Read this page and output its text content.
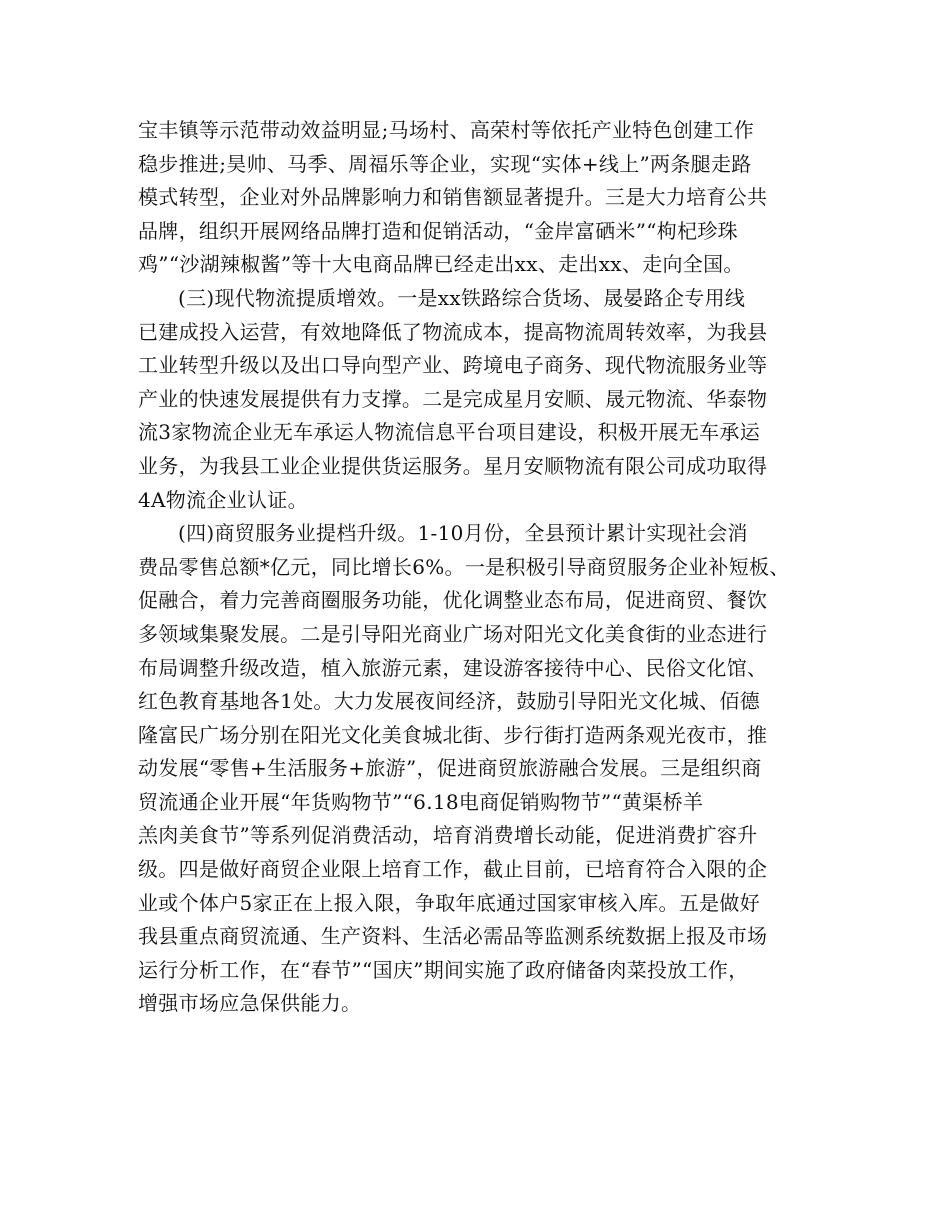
宝丰镇等示范带动效益明显;马场村、高荣村等依托产业特色创建工作
稳步推进;昊帅、马季、周福乐等企业，实现“实体+线上”两条腿走路
模式转型，企业对外品牌影响力和销售额显著提升。三是大力培育公共
品牌，组织开展网络品牌打造和促销活动，“金岸富硒米”“枸杞珍珠
鸡”“沙湖辣椒酱”等十大电商品牌已经走出xx、走出xx、走向全国。
(三)现代物流提质增效。一是xx铁路综合货场、晟晏路企专用线
已建成投入运营，有效地降低了物流成本，提高物流周转效率，为我县
工业转型升级以及出口导向型产业、跨境电子商务、现代物流服务业等
产业的快速发展提供有力支撑。二是完成星月安顺、晟元物流、华泰物
流3家物流企业无车承运人物流信息平台项目建设，积极开展无车承运
业务，为我县工业企业提供货运服务。星月安顺物流有限公司成功取得
4A物流企业认证。
(四)商贸服务业提档升级。1-10月份，全县预计累计实现社会消
费品零售总额*亿元，同比增长6%。一是积极引导商贸服务企业补短板、
促融合，着力完善商圈服务功能，优化调整业态布局，促进商贸、餐饮
多领域集聚发展。二是引导阳光商业广场对阳光文化美食街的业态进行
布局调整升级改造，植入旅游元素，建设游客接待中心、民俗文化馆、
红色教育基地各1处。大力发展夜间经济，鼓励引导阳光文化城、佰德
隆富民广场分别在阳光文化美食城北街、步行街打造两条观光夜市，推
动发展“零售+生活服务+旅游”，促进商贸旅游融合发展。三是组织商
贸流通企业开展“年货购物节”“6.18电商促销购物节”“黄渠桥羊
羔肉美食节”等系列促消费活动，培育消费增长动能，促进消费扩容升
级。四是做好商贸企业限上培育工作，截止目前，已培育符合入限的企
业或个体户5家正在上报入限，争取年底通过国家审核入库。五是做好
我县重点商贸流通、生产资料、生活必需品等监测系统数据上报及市场
运行分析工作，在“春节”“国庆”期间实施了政府储备肉菜投放工作，
增强市场应急保供能力。
